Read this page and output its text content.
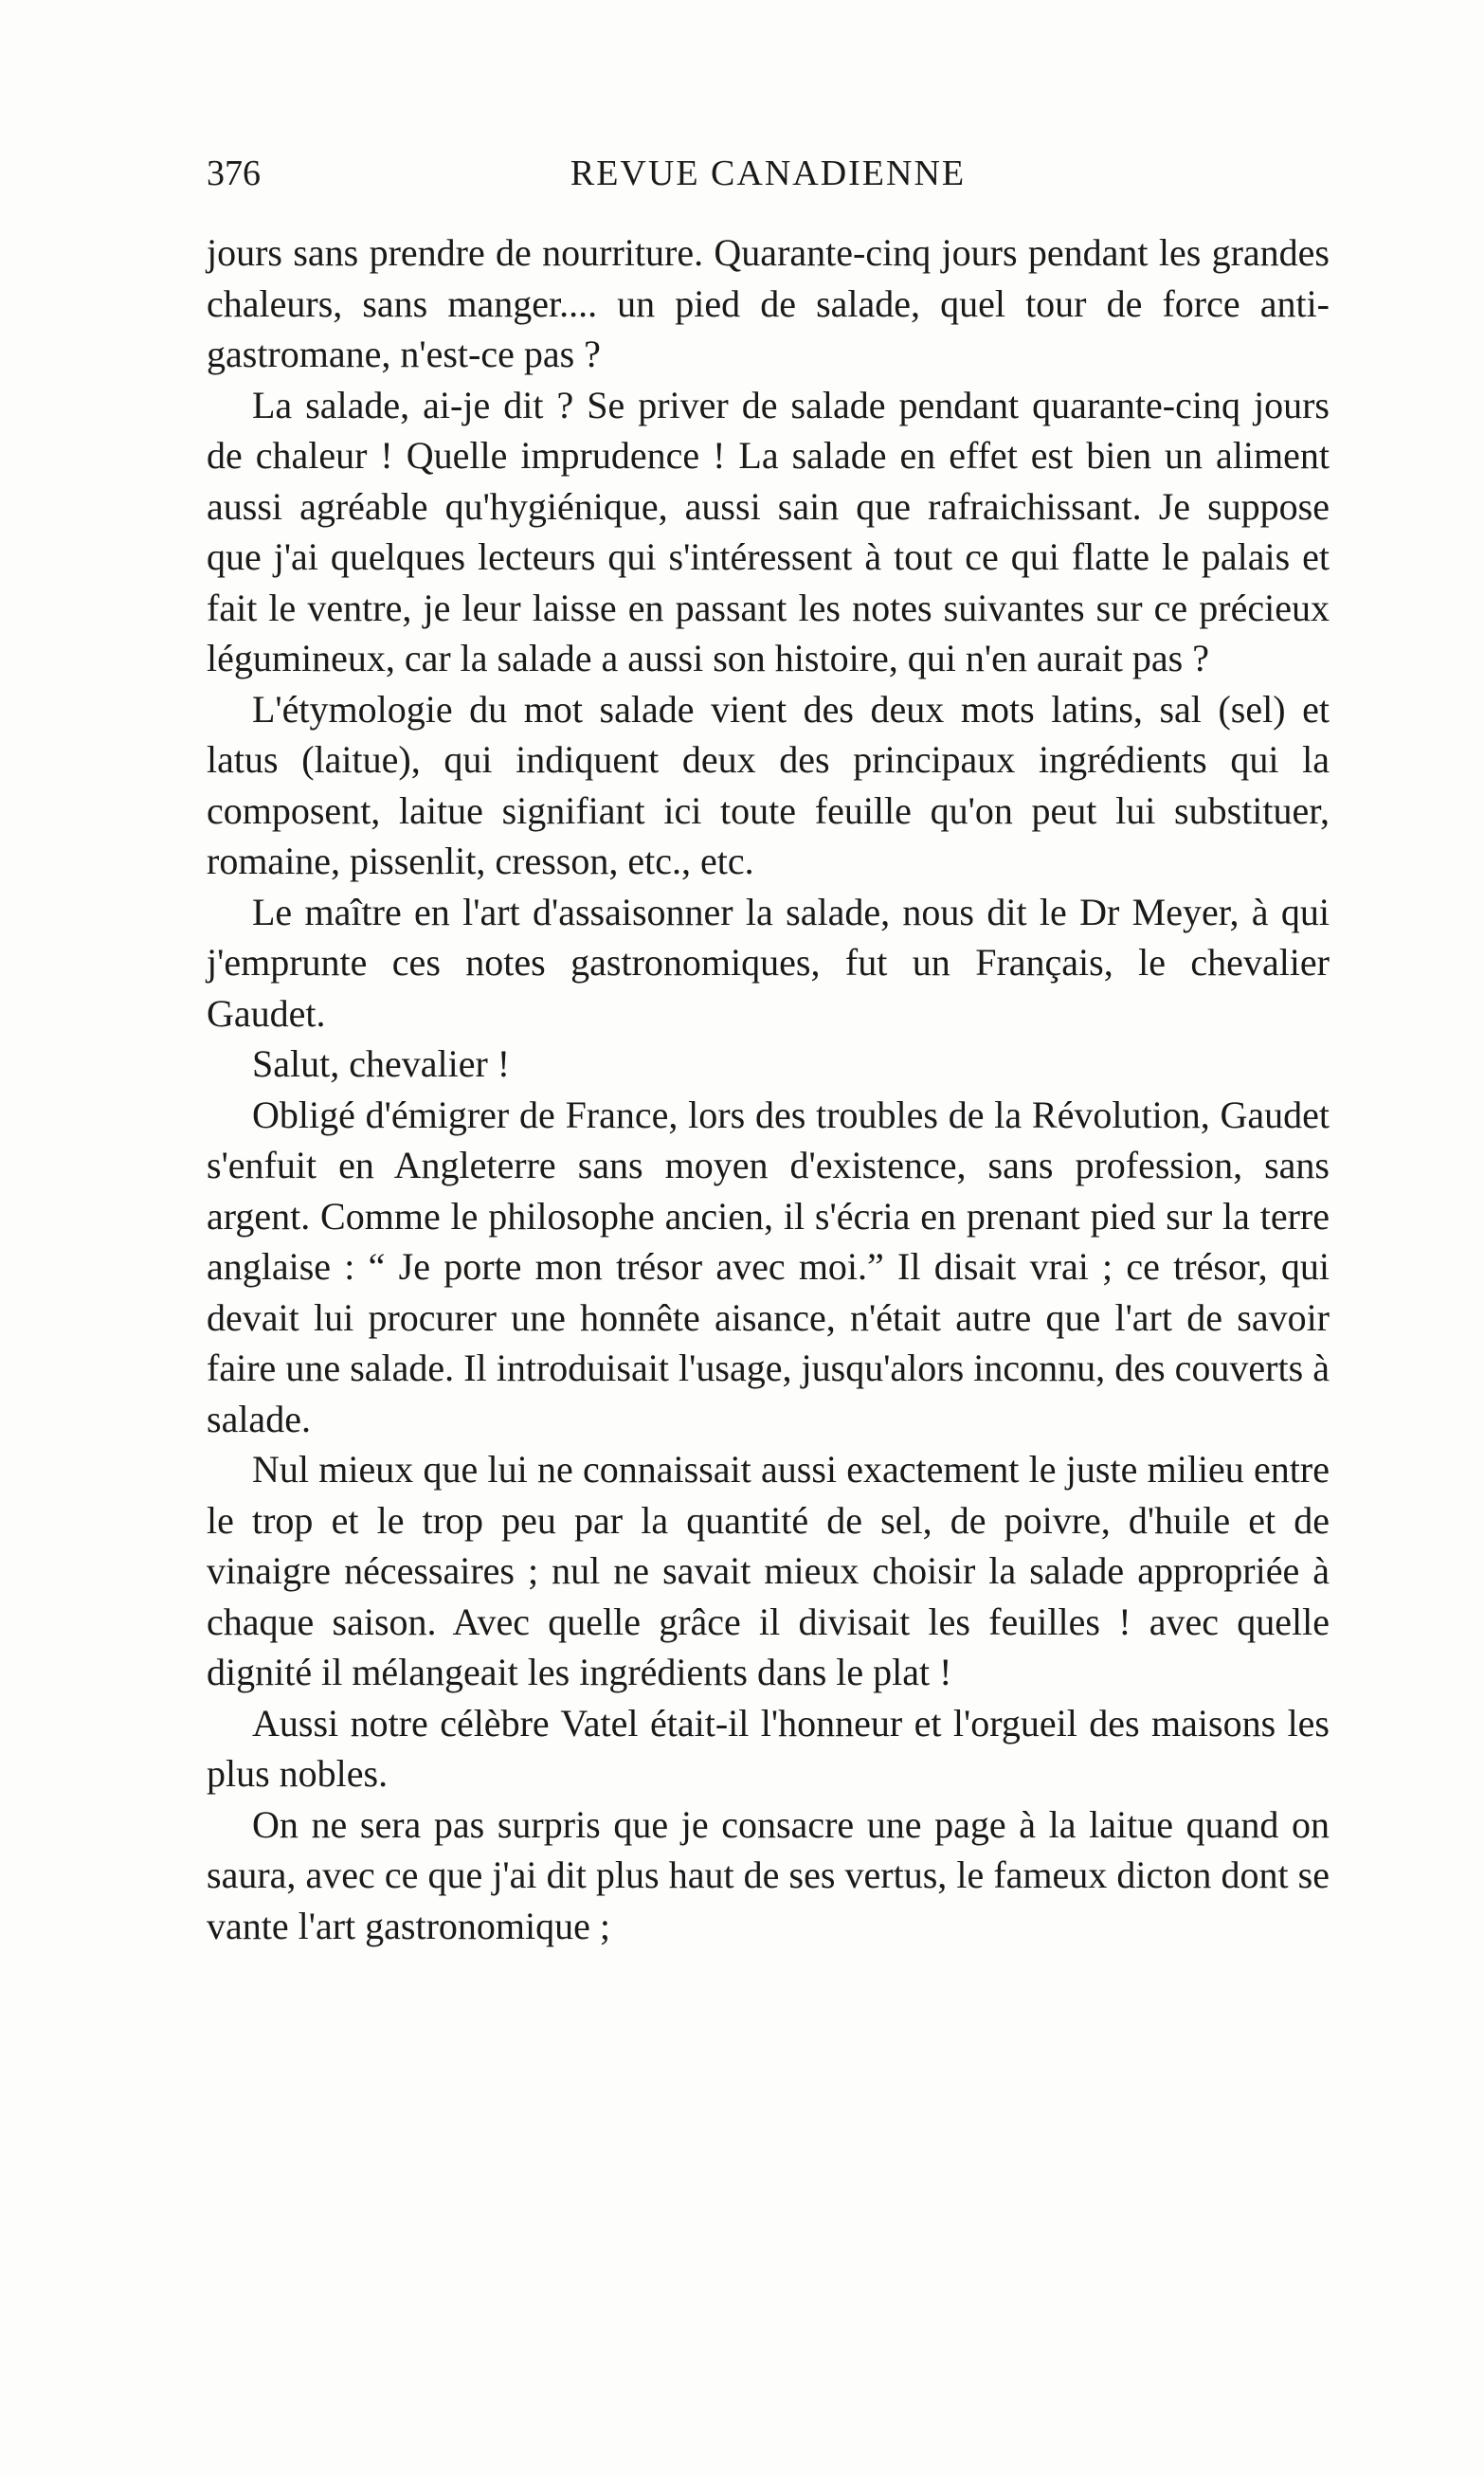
376	REVUE CANADIENNE

jours sans prendre de nourriture. Quarante-cinq jours pendant les grandes chaleurs, sans manger.... un pied de salade, quel tour de force anti-gastromane, n'est-ce pas ?

La salade, ai-je dit ? Se priver de salade pendant quarante-cinq jours de chaleur ! Quelle imprudence ! La salade en effet est bien un aliment aussi agréable qu'hygiénique, aussi sain que rafraichissant. Je suppose que j'ai quelques lecteurs qui s'intéressent à tout ce qui flatte le palais et fait le ventre, je leur laisse en passant les notes suivantes sur ce précieux légumineux, car la salade a aussi son histoire, qui n'en aurait pas ?

L'étymologie du mot salade vient des deux mots latins, sal (sel) et latus (laitue), qui indiquent deux des principaux ingrédients qui la composent, laitue signifiant ici toute feuille qu'on peut lui substituer, romaine, pissenlit, cresson, etc., etc.

Le maître en l'art d'assaisonner la salade, nous dit le Dr Meyer, à qui j'emprunte ces notes gastronomiques, fut un Français, le chevalier Gaudet.

Salut, chevalier !

Obligé d'émigrer de France, lors des troubles de la Révolution, Gaudet s'enfuit en Angleterre sans moyen d'existence, sans profession, sans argent. Comme le philosophe ancien, il s'écria en prenant pied sur la terre anglaise : “ Je porte mon trésor avec moi.” Il disait vrai ; ce trésor, qui devait lui procurer une honnête aisance, n'était autre que l'art de savoir faire une salade. Il introduisait l'usage, jusqu'alors inconnu, des couverts à salade.

Nul mieux que lui ne connaissait aussi exactement le juste milieu entre le trop et le trop peu par la quantité de sel, de poivre, d'huile et de vinaigre nécessaires ; nul ne savait mieux choisir la salade appropriée à chaque saison. Avec quelle grâce il divisait les feuilles ! avec quelle dignité il mélangeait les ingrédients dans le plat !

Aussi notre célèbre Vatel était-il l'honneur et l'orgueil des maisons les plus nobles.

On ne sera pas surpris que je consacre une page à la laitue quand on saura, avec ce que j'ai dit plus haut de ses vertus, le fameux dicton dont se vante l'art gastronomique ;
